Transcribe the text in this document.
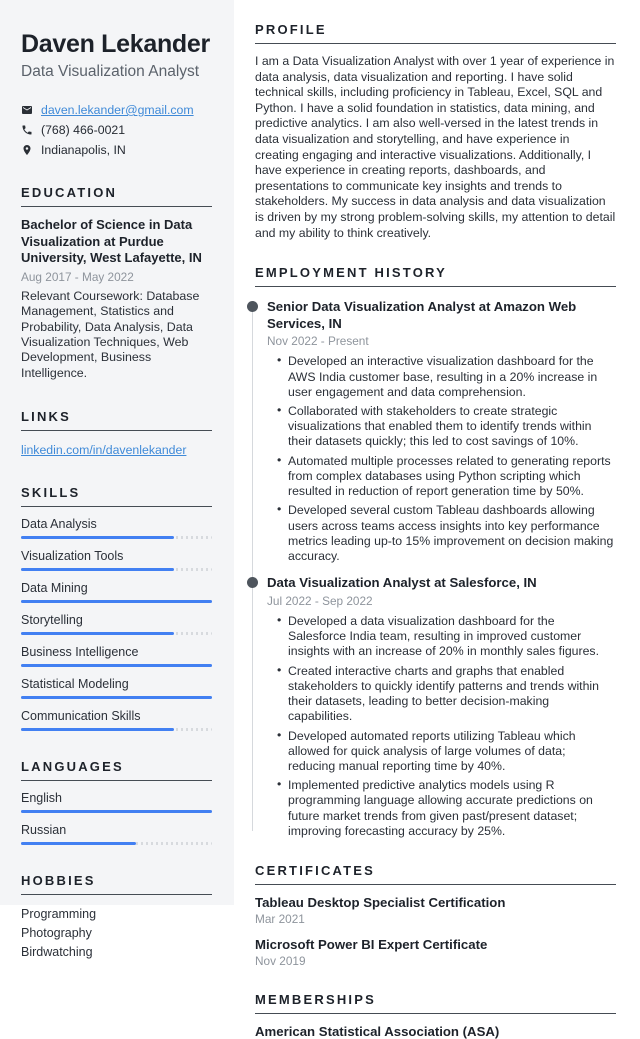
Daven Lekander
Data Visualization Analyst
daven.lekander@gmail.com
(768) 466-0021
Indianapolis, IN
EDUCATION
Bachelor of Science in Data Visualization at Purdue University, West Lafayette, IN
Aug 2017 - May 2022
Relevant Coursework: Database Management, Statistics and Probability, Data Analysis, Data Visualization Techniques, Web Development, Business Intelligence.
LINKS
linkedin.com/in/davenlekander
SKILLS
Data Analysis
Visualization Tools
Data Mining
Storytelling
Business Intelligence
Statistical Modeling
Communication Skills
LANGUAGES
English
Russian
HOBBIES
Programming
Photography
Birdwatching
PROFILE

I am a Data Visualization Analyst with over 1 year of experience in data analysis, data visualization and reporting. I have solid technical skills, including proficiency in Tableau, Excel, SQL and Python. I have a solid foundation in statistics, data mining, and predictive analytics. I am also well-versed in the latest trends in data visualization and storytelling, and have experience in creating engaging and interactive visualizations. Additionally, I have experience in creating reports, dashboards, and presentations to communicate key insights and trends to stakeholders. My success in data analysis and data visualization is driven by my strong problem-solving skills, my attention to detail and my ability to think creatively.

EMPLOYMENT HISTORY
Senior Data Visualization Analyst at Amazon Web Services, IN
Nov 2022 - Present
• Developed an interactive visualization dashboard for the AWS India customer base, resulting in a 20% increase in user engagement and data comprehension.
• Collaborated with stakeholders to create strategic visualizations that enabled them to identify trends within their datasets quickly; this led to cost savings of 10%.
• Automated multiple processes related to generating reports from complex databases using Python scripting which resulted in reduction of report generation time by 50%.
• Developed several custom Tableau dashboards allowing users across teams access insights into key performance metrics leading up-to 15% improvement on decision making accuracy.
Data Visualization Analyst at Salesforce, IN
Jul 2022 - Sep 2022
• Developed a data visualization dashboard for the Salesforce India team, resulting in improved customer insights with an increase of 20% in monthly sales figures.
• Created interactive charts and graphs that enabled stakeholders to quickly identify patterns and trends within their datasets, leading to better decision-making capabilities.
• Developed automated reports utilizing Tableau which allowed for quick analysis of large volumes of data; reducing manual reporting time by 40%.
• Implemented predictive analytics models using R programming language allowing accurate predictions on future market trends from given past/present dataset; improving forecasting accuracy by 25%.
CERTIFICATES
Tableau Desktop Specialist Certification
Mar 2021
Microsoft Power BI Expert Certificate
Nov 2019
MEMBERSHIPS
American Statistical Association (ASA)
